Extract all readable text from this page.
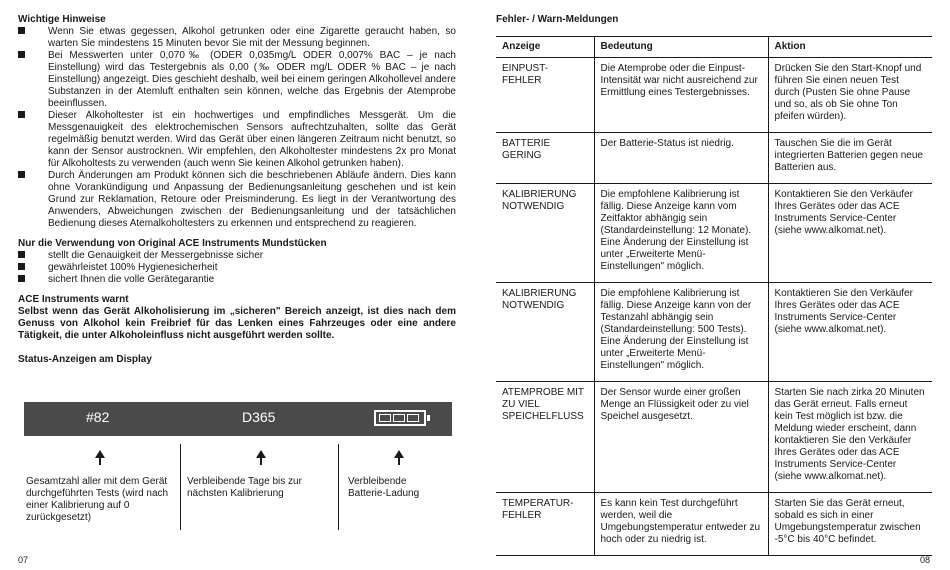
Wichtige Hinweise

Wenn Sie etwas gegessen, Alkohol getrunken oder eine Zigarette geraucht haben, so warten Sie mindestens 15 Minuten bevor Sie mit der Messung beginnen.
Bei Messwerten unter 0,070‰ (ODER 0,035mg/L ODER 0,007% BAC – je nach Einstellung) wird das Testergebnis als 0,00 (‰ ODER mg/L ODER % BAC – je nach Einstellung) angezeigt. Dies geschieht deshalb, weil bei einem geringen Alkohollevel andere Substanzen in der Atemluft enthalten sein können, welche das Ergebnis der Atemprobe beeinflussen.
Dieser Alkoholtester ist ein hochwertiges und empfindliches Messgerät. Um die Messgenauigkeit des elektrochemischen Sensors aufrechtzuhalten, sollte das Gerät regelmäßig benutzt werden. Wird das Gerät über einen längeren Zeitraum nicht benutzt, so kann der Sensor austrocknen. Wir empfehlen, den Alkoholtester mindestens 2x pro Monat für Alkoholtests zu verwenden (auch wenn Sie keinen Alkohol getrunken haben).
Durch Änderungen am Produkt können sich die beschriebenen Abläufe ändern. Dies kann ohne Vorankündigung und Anpassung der Bedienungsanleitung geschehen und ist kein Grund zur Reklamation, Retoure oder Preisminderung. Es liegt in der Verantwortung des Anwenders, Abweichungen zwischen der Bedienungsanleitung und der tatsächlichen Bedienung dieses Atemalkoholtesters zu erkennen und entsprechend zu reagieren.

Nur die Verwendung von Original ACE Instruments Mundstücken

stellt die Genauigkeit der Messergebnisse sicher
gewährleistet 100% Hygienesicherheit
sichert Ihnen die volle Gerätegarantie

ACE Instruments warnt

Selbst wenn das Gerät Alkoholisierung im „sicheren" Bereich anzeigt, ist dies nach dem Genuss von Alkohol kein Freibrief für das Lenken eines Fahrzeuges oder eine andere Tätigkeit, die unter Alkoholeinfluss nicht ausgeführt werden sollte.

Status-Anzeigen am Display

#82	D365
Gesamtzahl aller mit dem Gerät durchgeführten Tests (wird nach einer Kalibrierung auf 0 zurückgesetzt)
Verbleibende Tage bis zur nächsten Kalibrierung
Verbleibende Batterie-Ladung
07

Fehler- / Warn-Meldungen

Anzeige	Bedeutung	Aktion
EINPUST-FEHLER	Die Atemprobe oder die Einpust-Intensität war nicht ausreichend zur Ermittlung eines Testergebnisses.	Drücken Sie den Start-Knopf und führen Sie einen neuen Test durch (Pusten Sie ohne Pause und so, als ob Sie ohne Ton pfeifen würden).
BATTERIE GERING	Der Batterie-Status ist niedrig.	Tauschen Sie die im Gerät integrierten Batterien gegen neue Batterien aus.
KALIBRIERUNG NOTWENDIG	Die empfohlene Kalibrierung ist fällig. Diese Anzeige kann vom Zeitfaktor abhängig sein (Standardeinstellung: 12 Monate). Eine Änderung der Einstellung ist unter „Erweiterte Menü-Einstellungen" möglich.	Kontaktieren Sie den Verkäufer Ihres Gerätes oder das ACE Instruments Service-Center (siehe www.alkomat.net).
KALIBRIERUNG NOTWENDIG	Die empfohlene Kalibrierung ist fällig. Diese Anzeige kann von der Testanzahl abhängig sein (Standardeinstellung: 500 Tests). Eine Änderung der Einstellung ist unter „Erweiterte Menü-Einstellungen" möglich.	Kontaktieren Sie den Verkäufer Ihres Gerätes oder das ACE Instruments Service-Center (siehe www.alkomat.net).
ATEMPROBE MIT ZU VIEL SPEICHELFLUSS	Der Sensor wurde einer großen Menge an Flüssigkeit oder zu viel Speichel ausgesetzt.	Starten Sie nach zirka 20 Minuten das Gerät erneut. Falls erneut kein Test möglich ist bzw. die Meldung wieder erscheint, dann kontaktieren Sie den Verkäufer Ihres Gerätes oder das ACE Instruments Service-Center (siehe www.alkomat.net).
TEMPERATUR-FEHLER	Es kann kein Test durchgeführt werden, weil die Umgebungstemperatur entweder zu hoch oder zu niedrig ist.	Starten Sie das Gerät erneut, sobald es sich in einer Umgebungstemperatur zwischen -5°C bis 40°C befindet.
08
